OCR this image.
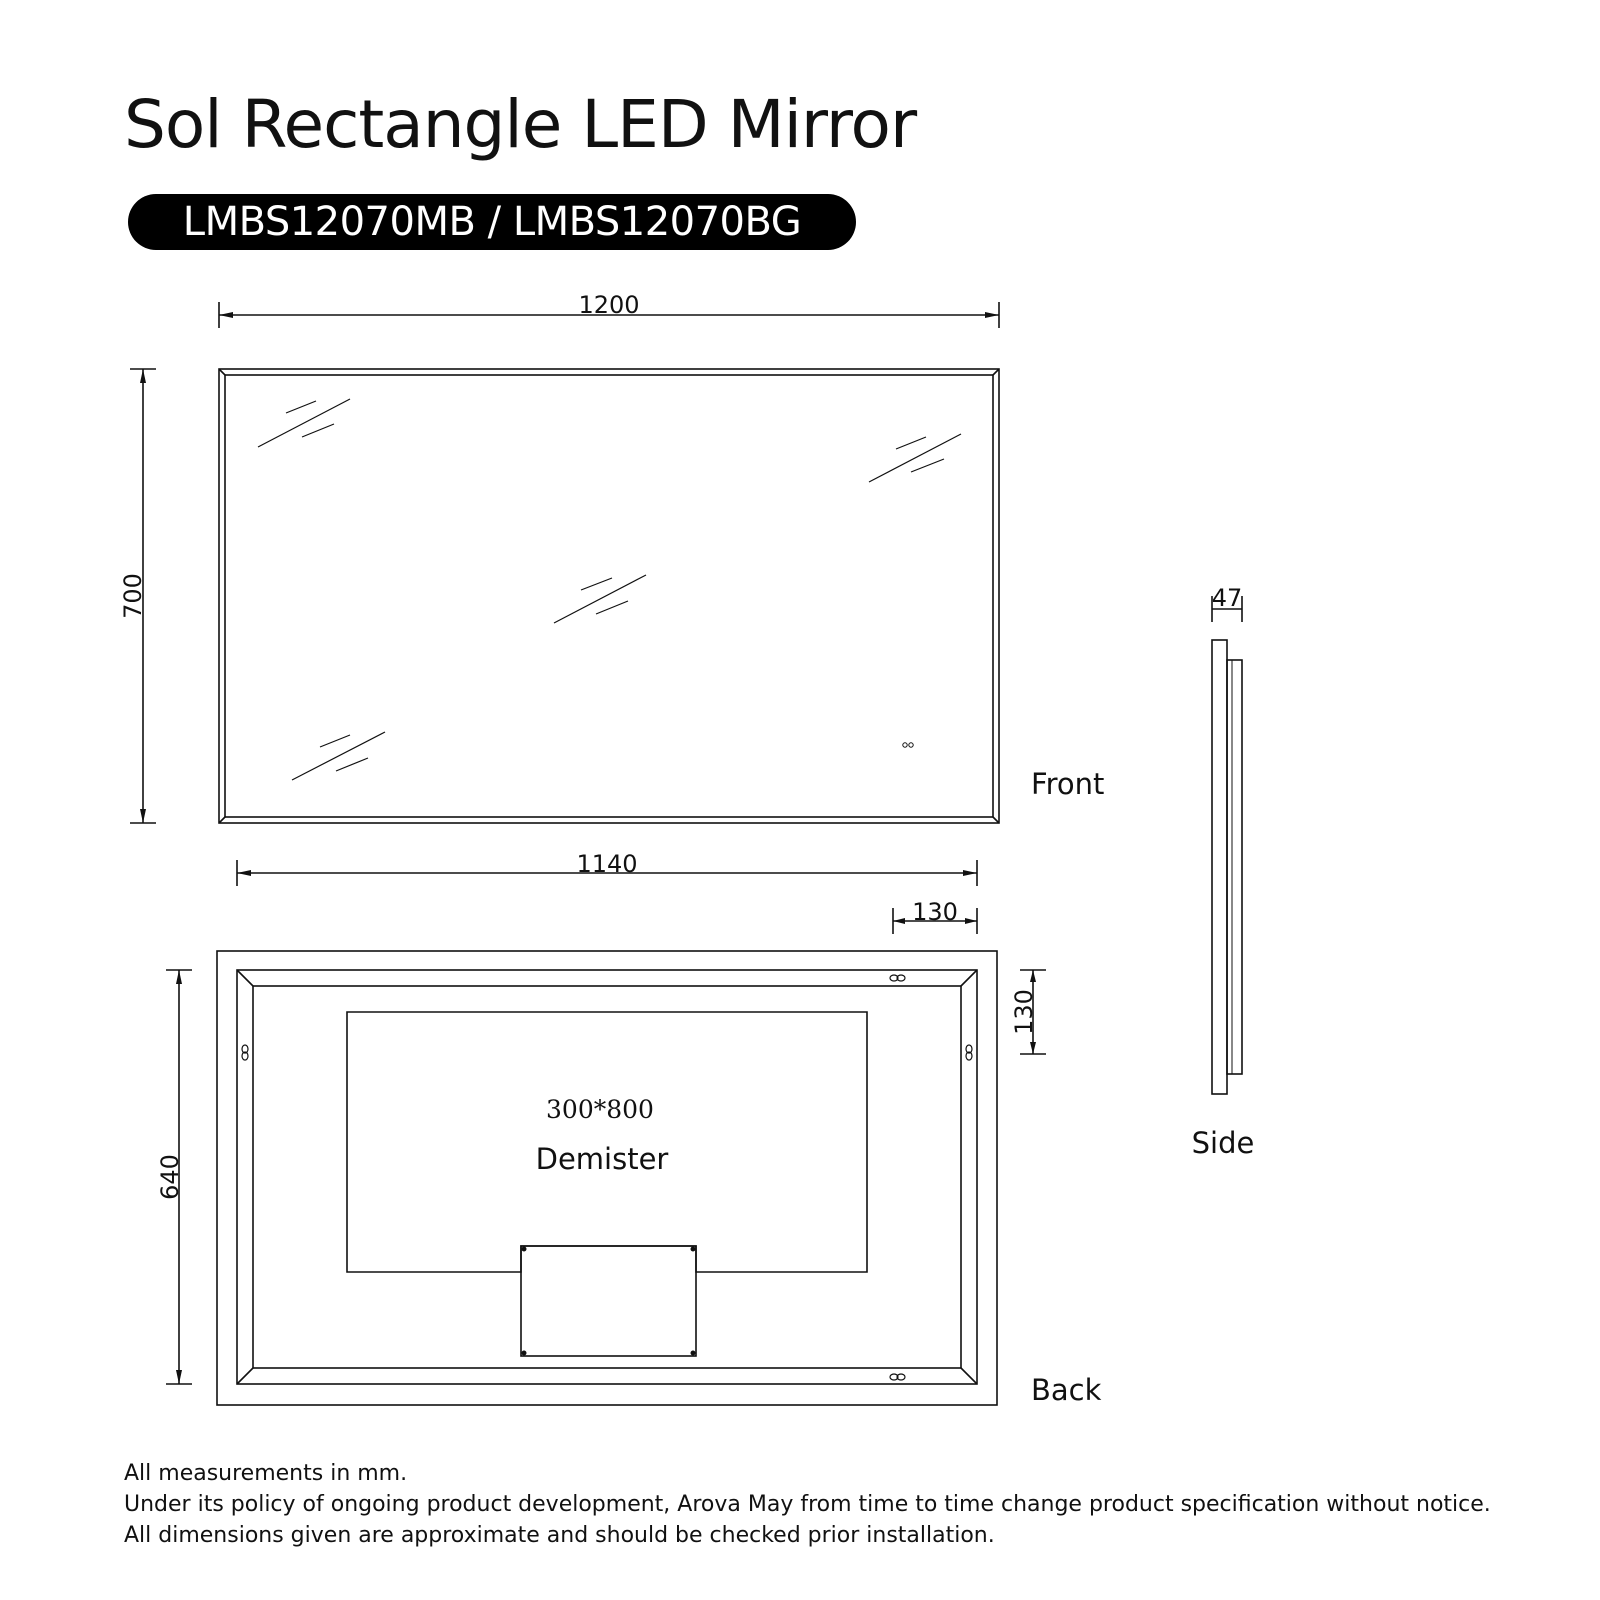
Sol Rectangle LED Mirror
LMBS12070MB / LMBS12070BG
1200
700
Front
1140
130
640
130
300*800
Demister
Back
47
Side
All measurements in mm.
Under its policy of ongoing product development, Arova May from time to time change product specification without notice.
All dimensions given are approximate and should be checked prior installation.
